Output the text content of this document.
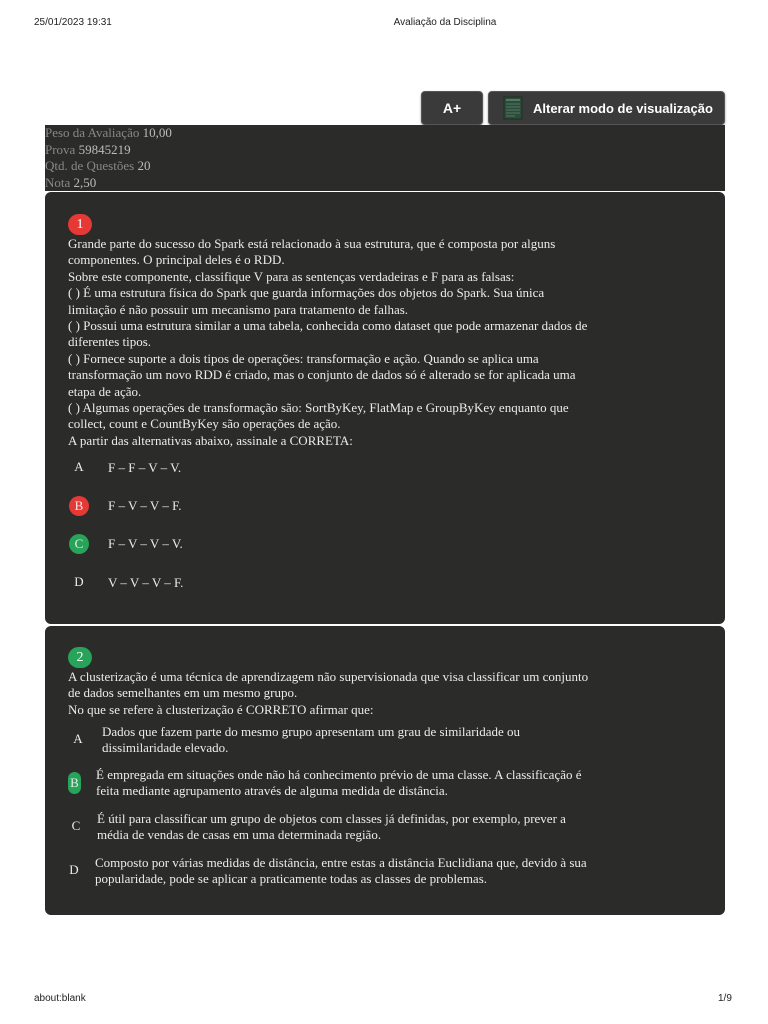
25/01/2023 19:31	Avaliação da Disciplina
A+	Alterar modo de visualização
Peso da Avaliação 10,00
Prova 59845219
Qtd. de Questões 20
Nota 2,50
1
Grande parte do sucesso do Spark está relacionado à sua estrutura, que é composta por alguns
componentes. O principal deles é o RDD.
Sobre este componente, classifique V para as sentenças verdadeiras e F para as falsas:
( ) É uma estrutura física do Spark que guarda informações dos objetos do Spark. Sua única
limitação é não possuir um mecanismo para tratamento de falhas.
( ) Possui uma estrutura similar a uma tabela, conhecida como dataset que pode armazenar dados de
diferentes tipos.
( ) Fornece suporte a dois tipos de operações: transformação e ação. Quando se aplica uma
transformação um novo RDD é criado, mas o conjunto de dados só é alterado se for aplicada uma
etapa de ação.
( ) Algumas operações de transformação são: SortByKey, FlatMap e GroupByKey enquanto que
collect, count e CountByKey são operações de ação.
A partir das alternativas abaixo, assinale a CORRETA:
A	F – F – V – V.
B	F – V – V – F.
C	F – V – V – V.
D	V – V – V – F.
2
A clusterização é uma técnica de aprendizagem não supervisionada que visa classificar um conjunto
de dados semelhantes em um mesmo grupo.
No que se refere à clusterização é CORRETO afirmar que:
A	Dados que fazem parte do mesmo grupo apresentam um grau de similaridade ou
dissimilaridade elevado.
B
É empregada em situações onde não há conhecimento prévio de uma classe. A classificação é
feita mediante agrupamento através de alguma medida de distância.
C	É útil para classificar um grupo de objetos com classes já definidas, por exemplo, prever a
média de vendas de casas em uma determinada região.
D	Composto por várias medidas de distância, entre estas a distância Euclidiana que, devido à sua
popularidade, pode se aplicar a praticamente todas as classes de problemas.
about:blank	1/9
